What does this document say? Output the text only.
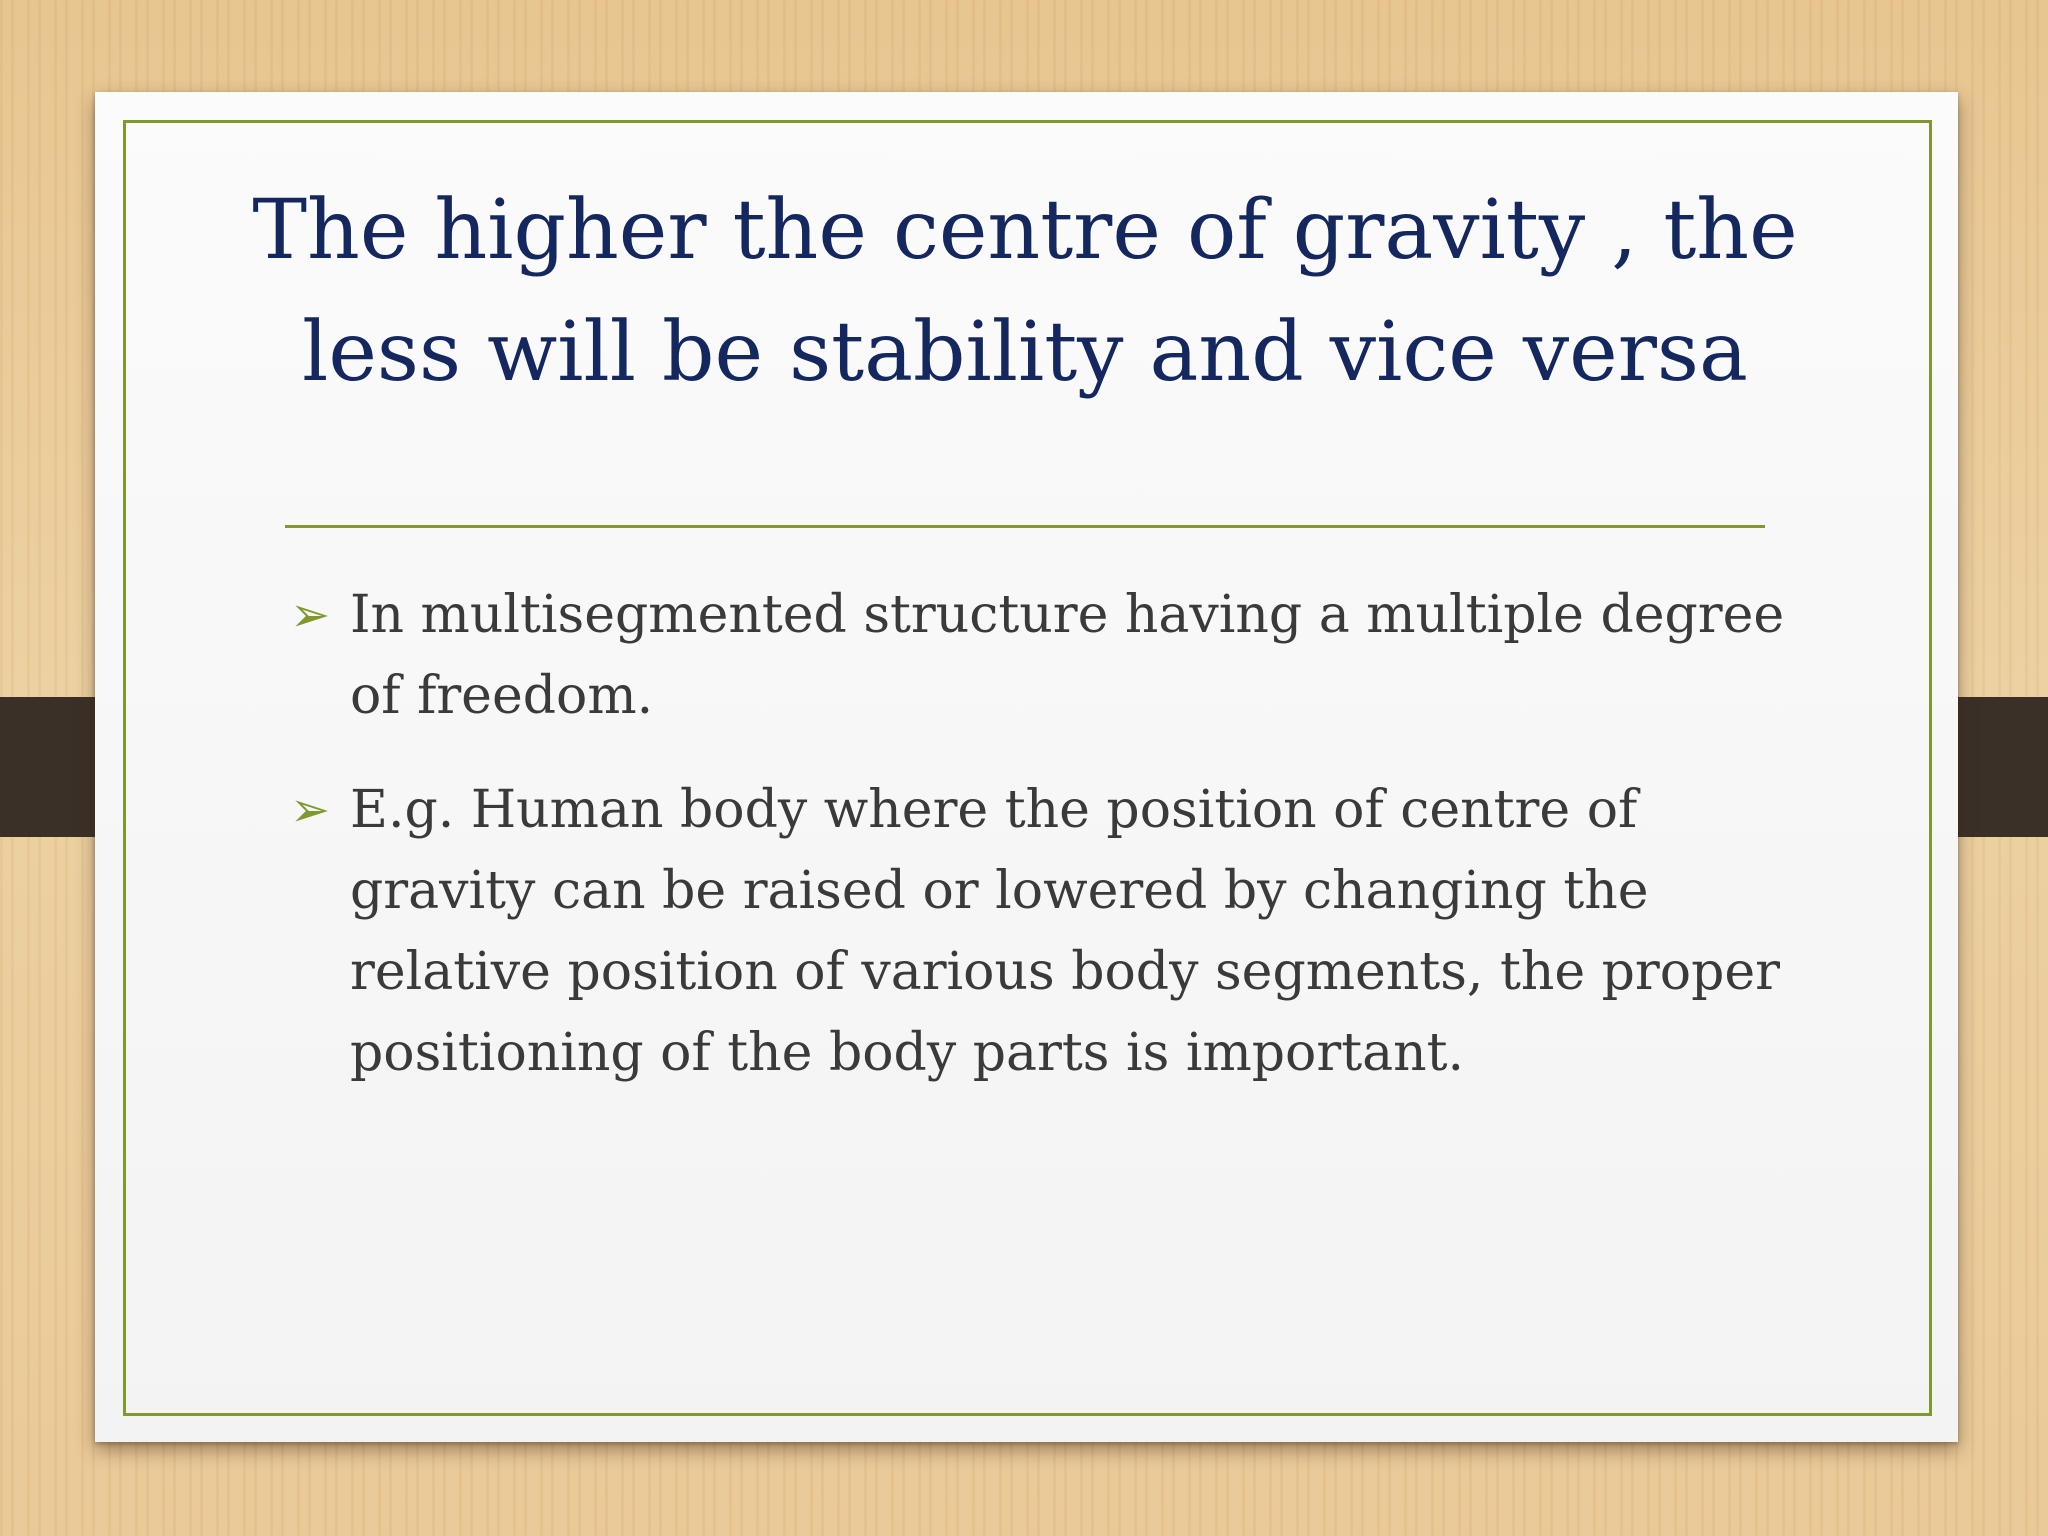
The higher the centre of gravity , the
less will be stability and vice versa
➢ In multisegmented structure having a multiple degree of freedom.
➢ E.g. Human body where the position of centre of gravity can be raised or lowered by changing the relative position of various body segments, the proper positioning of the body parts is important.
